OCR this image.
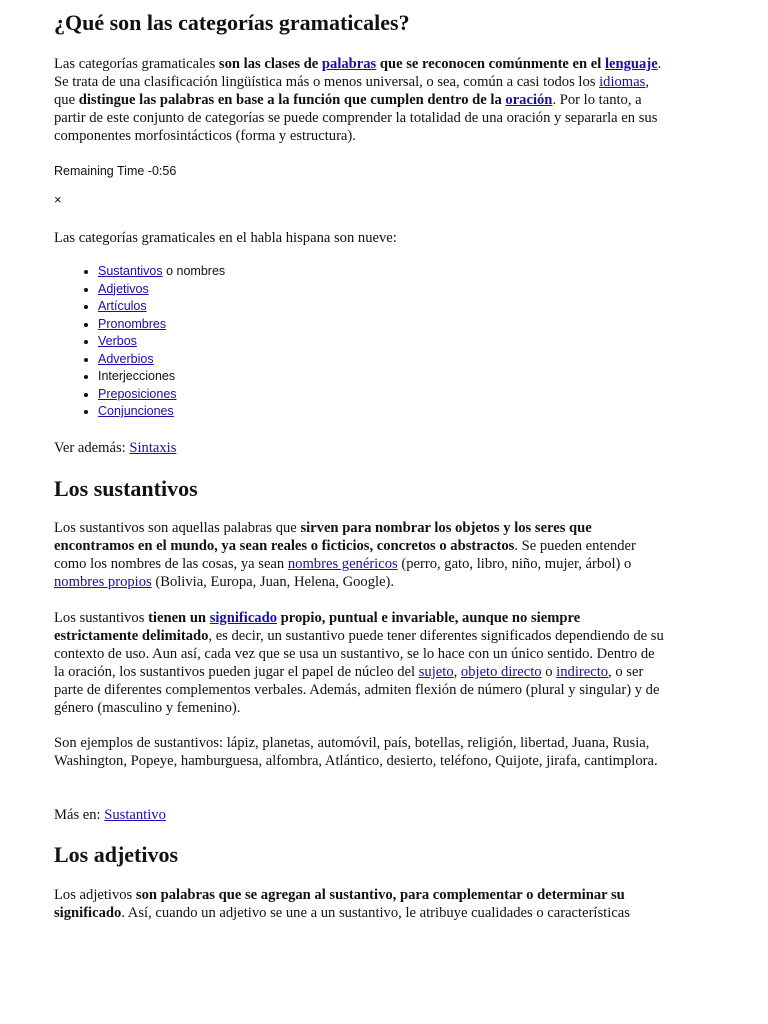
¿Qué son las categorías gramaticales?

Las categorías gramaticales son las clases de palabras que se reconocen comúnmente en el lenguaje. Se trata de una clasificación lingüística más o menos universal, o sea, común a casi todos los idiomas, que distingue las palabras en base a la función que cumplen dentro de la oración. Por lo tanto, a partir de este conjunto de categorías se puede comprender la totalidad de una oración y separarla en sus componentes morfosintácticos (forma y estructura).

Remaining Time -0:56
×

Las categorías gramaticales en el habla hispana son nueve:

• Sustantivos o nombres
• Adjetivos
• Artículos
• Pronombres
• Verbos
• Adverbios
• Interjecciones
• Preposiciones
• Conjunciones

Ver además: Sintaxis

Los sustantivos

Los sustantivos son aquellas palabras que sirven para nombrar los objetos y los seres que encontramos en el mundo, ya sean reales o ficticios, concretos o abstractos. Se pueden entender como los nombres de las cosas, ya sean nombres genéricos (perro, gato, libro, niño, mujer, árbol) o nombres propios (Bolivia, Europa, Juan, Helena, Google).

Los sustantivos tienen un significado propio, puntual e invariable, aunque no siempre estrictamente delimitado, es decir, un sustantivo puede tener diferentes significados dependiendo de su contexto de uso. Aun así, cada vez que se usa un sustantivo, se lo hace con un único sentido. Dentro de la oración, los sustantivos pueden jugar el papel de núcleo del sujeto, objeto directo o indirecto, o ser parte de diferentes complementos verbales. Además, admiten flexión de número (plural y singular) y de género (masculino y femenino).

Son ejemplos de sustantivos: lápiz, planetas, automóvil, país, botellas, religión, libertad, Juana, Rusia, Washington, Popeye, hamburguesa, alfombra, Atlántico, desierto, teléfono, Quijote, jirafa, cantimplora.

Más en: Sustantivo

Los adjetivos

Los adjetivos son palabras que se agregan al sustantivo, para complementar o determinar su significado. Así, cuando un adjetivo se une a un sustantivo, le atribuye cualidades o características
